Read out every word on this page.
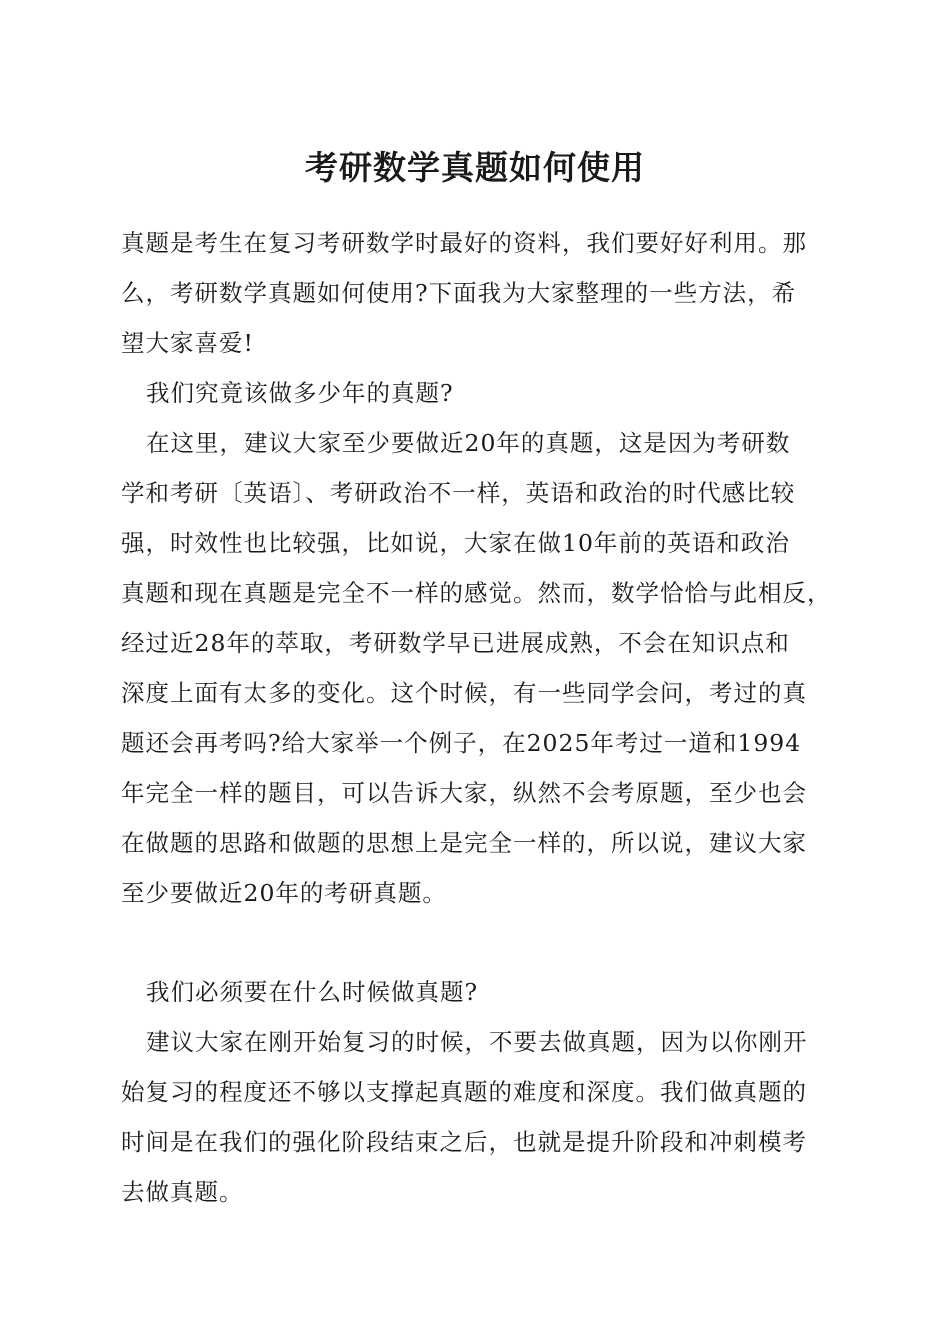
考研数学真题如何使用
真题是考生在复习考研数学时最好的资料，我们要好好利用。那
么，考研数学真题如何使用?下面我为大家整理的一些方法，希
望大家喜爱!
我们究竟该做多少年的真题?
在这里，建议大家至少要做近20年的真题，这是因为考研数
学和考研〔英语〕、考研政治不一样，英语和政治的时代感比较
强，时效性也比较强，比如说，大家在做10年前的英语和政治
真题和现在真题是完全不一样的感觉。然而，数学恰恰与此相反，
经过近28年的萃取，考研数学早已进展成熟，不会在知识点和
深度上面有太多的变化。这个时候，有一些同学会问，考过的真
题还会再考吗?给大家举一个例子，在2025年考过一道和1994
年完全一样的题目，可以告诉大家，纵然不会考原题，至少也会
在做题的思路和做题的思想上是完全一样的，所以说，建议大家
至少要做近20年的考研真题。
我们必须要在什么时候做真题?
建议大家在刚开始复习的时候，不要去做真题，因为以你刚开
始复习的程度还不够以支撑起真题的难度和深度。我们做真题的
时间是在我们的强化阶段结束之后，也就是提升阶段和冲刺模考
去做真题。
